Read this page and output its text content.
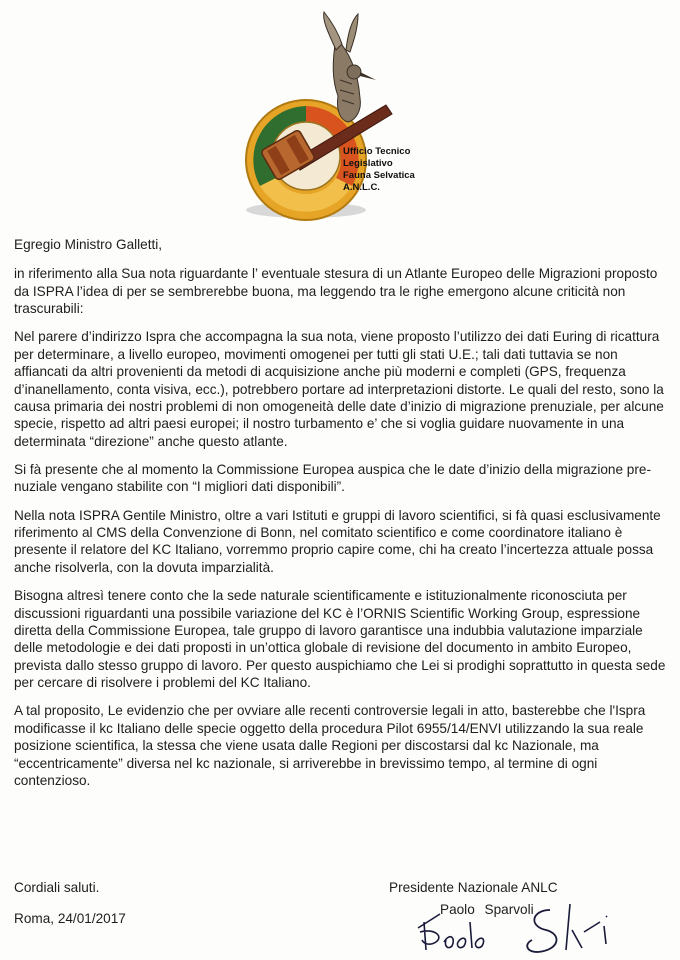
Ufficio Tecnico
Legislativo
Fauna Selvatica
A.N.L.C.

Egregio Ministro Galletti,

in riferimento alla Sua nota riguardante l’ eventuale stesura di un Atlante Europeo delle Migrazioni proposto da ISPRA l’idea di per se sembrerebbe buona, ma leggendo tra le righe emergono alcune criticità non trascurabili:

Nel parere d’indirizzo Ispra che accompagna la sua nota, viene proposto l’utilizzo dei dati Euring di ricattura per determinare, a livello europeo, movimenti omogenei per tutti gli stati U.E.; tali dati tuttavia se non affiancati da altri provenienti da metodi di acquisizione anche più moderni e completi (GPS, frequenza d’inanellamento, conta visiva, ecc.), potrebbero portare ad interpretazioni distorte. Le quali del resto, sono la causa primaria dei nostri problemi di non omogeneità delle date d’inizio di migrazione prenuziale, per alcune specie, rispetto ad altri paesi europei; il nostro turbamento e’ che si voglia guidare nuovamente in una determinata “direzione” anche questo atlante.

Si fà presente che al momento la Commissione Europea auspica che le date d’inizio della migrazione pre-nuziale vengano stabilite con “I migliori dati disponibili”.

Nella nota ISPRA Gentile Ministro, oltre a vari Istituti e gruppi di lavoro scientifici, si fà quasi esclusivamente riferimento al CMS della Convenzione di Bonn, nel comitato scientifico e come coordinatore italiano è presente il relatore del KC Italiano, vorremmo proprio capire come, chi ha creato l’incertezza attuale possa anche risolverla, con la dovuta imparzialità.

Bisogna altresì tenere conto che la sede naturale scientificamente e istituzionalmente riconosciuta per discussioni riguardanti una possibile variazione del KC è l’ORNIS Scientific Working Group, espressione diretta della Commissione Europea, tale gruppo di lavoro garantisce una indubbia valutazione imparziale delle metodologie e dei dati proposti in un’ottica globale di revisione del documento in ambito Europeo, prevista dallo stesso gruppo di lavoro. Per questo auspichiamo che Lei si prodighi soprattutto in questa sede per cercare di risolvere i problemi del KC Italiano.

A tal proposito, Le evidenzio che per ovviare alle recenti controversie legali in atto, basterebbe che l'Ispra modificasse il kc Italiano delle specie oggetto della procedura Pilot 6955/14/ENVI utilizzando la sua reale posizione scientifica, la stessa che viene usata dalle Regioni per discostarsi dal kc Nazionale, ma “eccentricamente” diversa nel kc nazionale, si arriverebbe in brevissimo tempo, al termine di ogni contenzioso.

Cordiali saluti.
Roma, 24/01/2017
Presidente Nazionale ANLC
Paolo Sparvoli
